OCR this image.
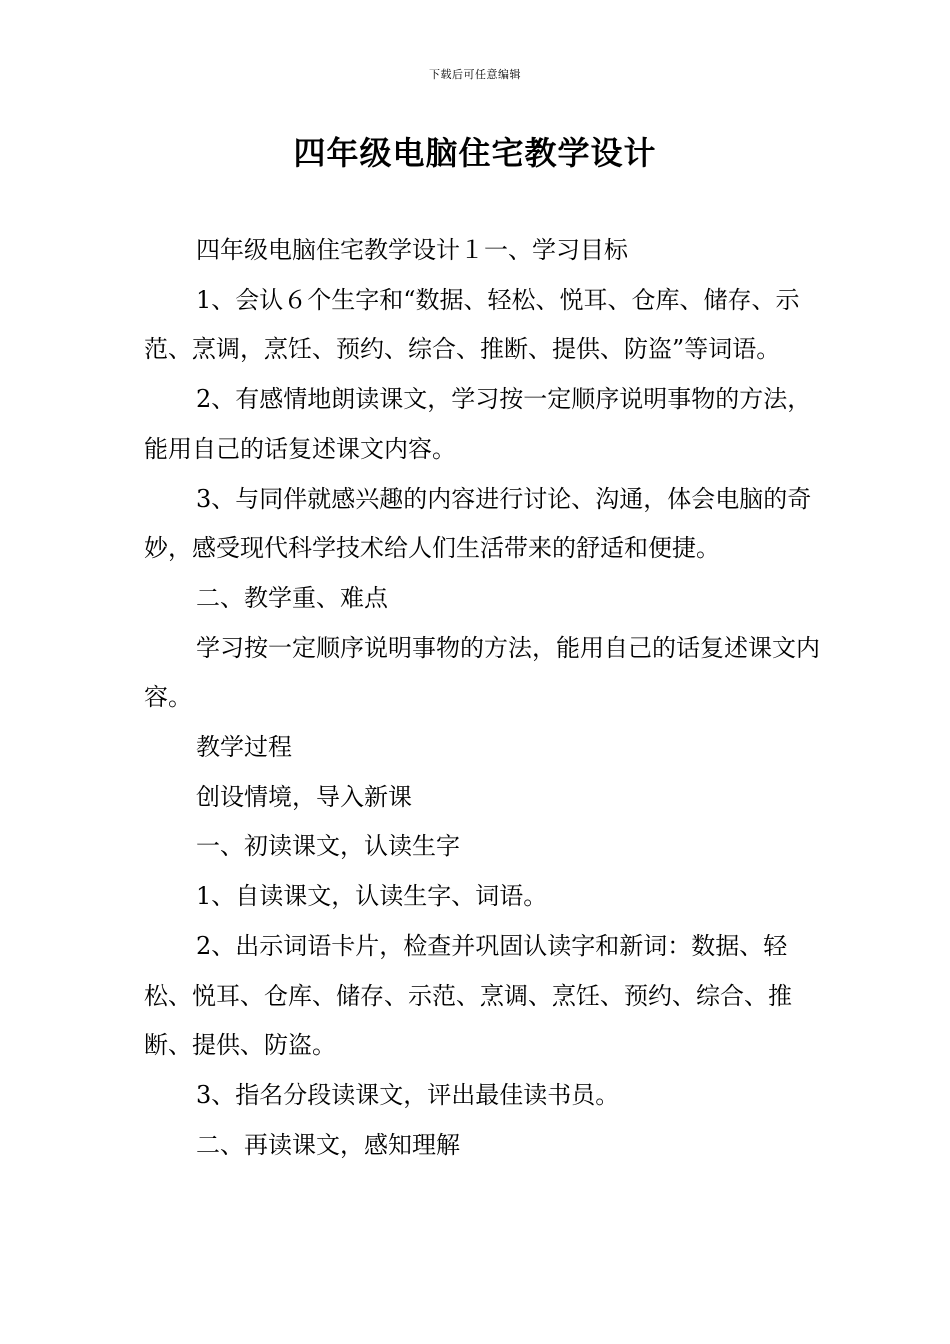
下载后可任意编辑
四年级电脑住宅教学设计

四年级电脑住宅教学设计１一、学习目标

1、会认６个生字和“数据、轻松、悦耳、仓库、储存、示范、烹调，烹饪、预约、综合、推断、提供、防盗”等词语。

2、有感情地朗读课文，学习按一定顺序说明事物的方法，能用自己的话复述课文内容。

3、与同伴就感兴趣的内容进行讨论、沟通，体会电脑的奇妙，感受现代科学技术给人们生活带来的舒适和便捷。

二、教学重、难点

学习按一定顺序说明事物的方法，能用自己的话复述课文内容。

教学过程

创设情境，导入新课

一、初读课文，认读生字

1、自读课文，认读生字、词语。

2、出示词语卡片，检查并巩固认读字和新词：数据、轻松、悦耳、仓库、储存、示范、烹调、烹饪、预约、综合、推断、提供、防盗。

3、指名分段读课文，评出最佳读书员。

二、再读课文，感知理解
